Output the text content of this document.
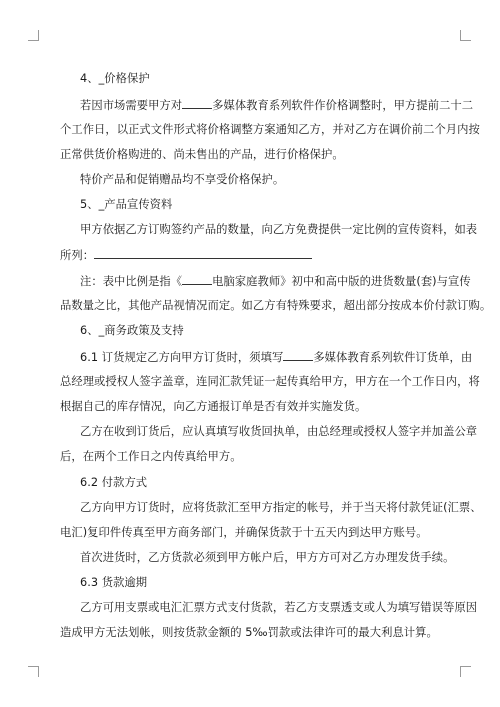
4、_价格保护
若因市场需要甲方对	多媒体教育系列软件作价格调整时，甲方提前二十二
个工作日，以正式文件形式将价格调整方案通知乙方，并对乙方在调价前二个月内按
正常供货价格购进的、尚未售出的产品，进行价格保护。
特价产品和促销赠品均不享受价格保护。
5、_产品宣传资料
甲方依据乙方订购签约产品的数量，向乙方免费提供一定比例的宣传资料，如表
所列：
注：表中比例是指《	电脑家庭教师》初中和高中版的进货数量(套)与宣传
品数量之比，其他产品视情况而定。如乙方有特殊要求，超出部分按成本价付款订购。
6、_商务政策及支持
6.1 订货规定乙方向甲方订货时，须填写	多媒体教育系列软件订货单，由
总经理或授权人签字盖章，连同汇款凭证一起传真给甲方，甲方在一个工作日内，将
根据自己的库存情况，向乙方通报订单是否有效并实施发货。
乙方在收到订货后，应认真填写收货回执单，由总经理或授权人签字并加盖公章
后，在两个工作日之内传真给甲方。
6.2 付款方式
乙方向甲方订货时，应将货款汇至甲方指定的帐号，并于当天将付款凭证(汇票、
电汇)复印件传真至甲方商务部门，并确保货款于十五天内到达甲方账号。
首次进货时，乙方货款必须到甲方帐户后，甲方方可对乙方办理发货手续。
6.3 货款逾期
乙方可用支票或电汇汇票方式支付货款，若乙方支票透支或人为填写错误等原因
造成甲方无法划帐，则按货款金额的 5‰罚款或法律许可的最大利息计算。
